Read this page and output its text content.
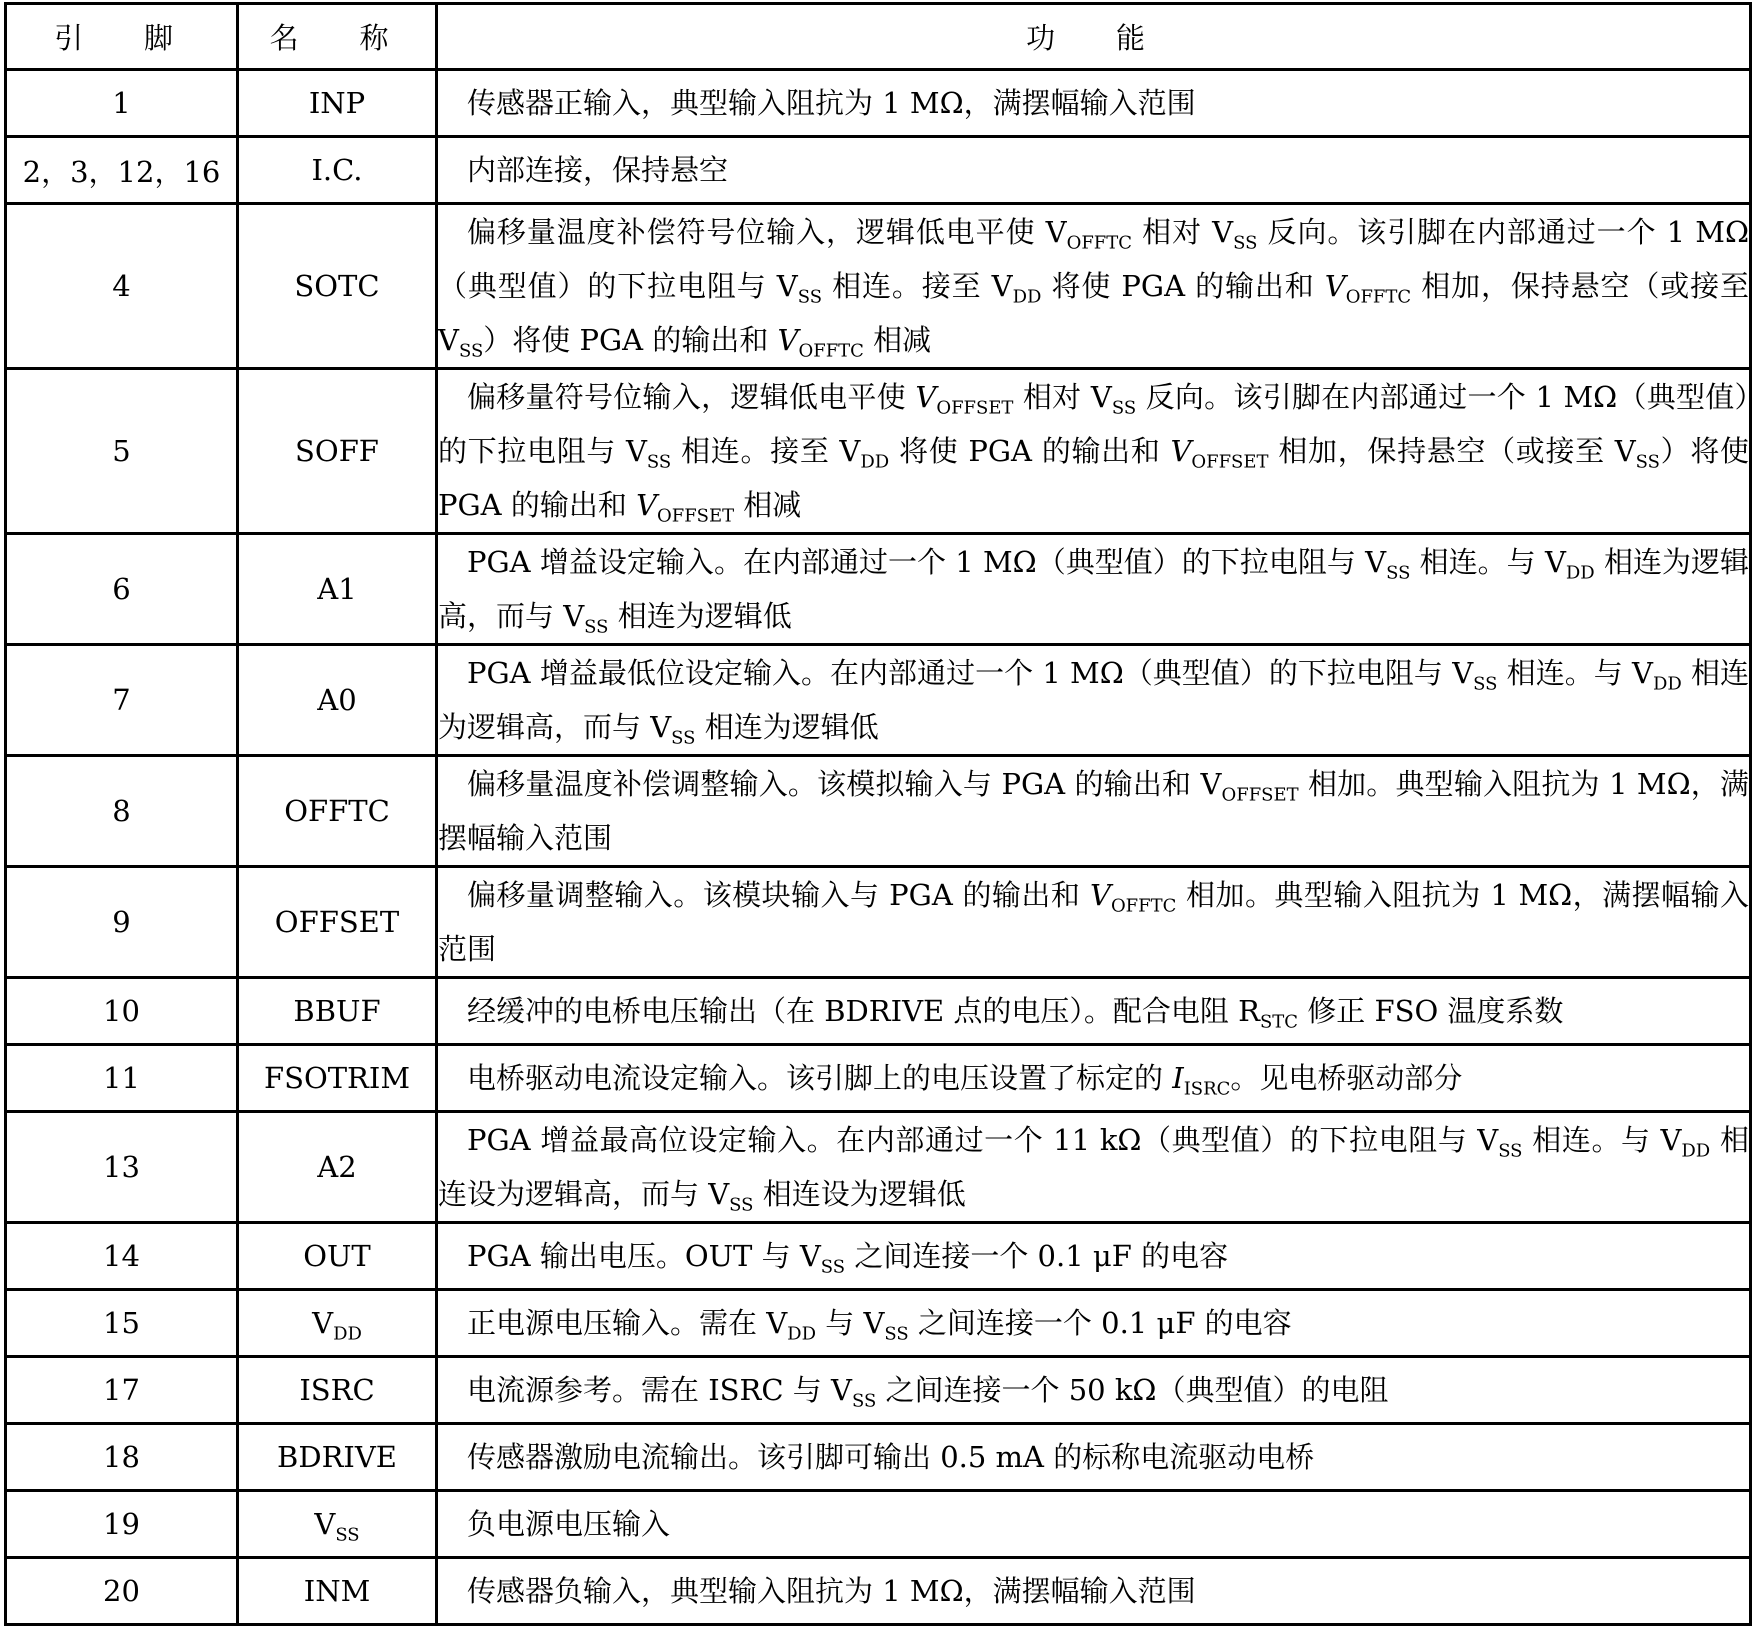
引　脚	名　称	功　能
1	INP	传感器正输入，典型输入阻抗为 1 MΩ，满摆幅输入范围

2，3，12，16	I.C.	内部连接，保持悬空

4	SOTC	偏移量温度补偿符号位输入，逻辑低电平使 $V_{OFFTC}$ 相对 $V_{SS}$ 反向。该引脚在内部通过一个 1 MΩ（典型值）的下拉电阻与 $V_{SS}$ 相连。接至 $V_{DD}$ 将使 PGA 的输出和 $V_{OFFTC}$ 相加，保持悬空（或接至 $V_{SS}$）将使 PGA 的输出和 $V_{OFFTC}$ 相减

5	SOFF	偏移量符号位输入，逻辑低电平使 $V_{OFFSET}$ 相对 $V_{SS}$ 反向。该引脚在内部通过一个 1 MΩ（典型值）的下拉电阻与 $V_{SS}$ 相连。接至 $V_{DD}$ 将使 PGA 的输出和 $V_{OFFSET}$ 相加，保持悬空（或接至 $V_{SS}$）将使 PGA 的输出和 $V_{OFFSET}$ 相减

6	A1	PGA 增益设定输入。在内部通过一个 1 MΩ（典型值）的下拉电阻与 $V_{SS}$ 相连。与 $V_{DD}$ 相连为逻辑高，而与 $V_{SS}$ 相连为逻辑低

7	A0	PGA 增益最低位设定输入。在内部通过一个 1 MΩ（典型值）的下拉电阻与 $V_{SS}$ 相连。与 $V_{DD}$ 相连为逻辑高，而与 $V_{SS}$ 相连为逻辑低

8	OFFTC	偏移量温度补偿调整输入。该模拟输入与 PGA 的输出和 $V_{OFFSET}$ 相加。典型输入阻抗为 1 MΩ，满摆幅输入范围

9	OFFSET	偏移量调整输入。该模块输入与 PGA 的输出和 $V_{OFFTC}$ 相加。典型输入阻抗为 1 MΩ，满摆幅输入范围

10	BBUF	经缓冲的电桥电压输出（在 BDRIVE 点的电压）。配合电阻 $R_{STC}$ 修正 FSO 温度系数

11	FSOTRIM	电桥驱动电流设定输入。该引脚上的电压设置了标定的 $I_{ISRC}$。见电桥驱动部分

13	A2	PGA 增益最高位设定输入。在内部通过一个 11 kΩ（典型值）的下拉电阻与 $V_{SS}$ 相连。与 $V_{DD}$ 相连设为逻辑高，而与 $V_{SS}$ 相连设为逻辑低

14	OUT	PGA 输出电压。OUT 与 $V_{SS}$ 之间连接一个 0.1 μF 的电容

15	$V_{DD}$	正电源电压输入。需在 $V_{DD}$ 与 $V_{SS}$ 之间连接一个 0.1 μF 的电容

17	ISRC	电流源参考。需在 ISRC 与 $V_{SS}$ 之间连接一个 50 kΩ（典型值）的电阻

18	BDRIVE	传感器激励电流输出。该引脚可输出 0.5 mA 的标称电流驱动电桥

19	$V_{SS}$	负电源电压输入

20	INM	传感器负输入，典型输入阻抗为 1 MΩ，满摆幅输入范围
